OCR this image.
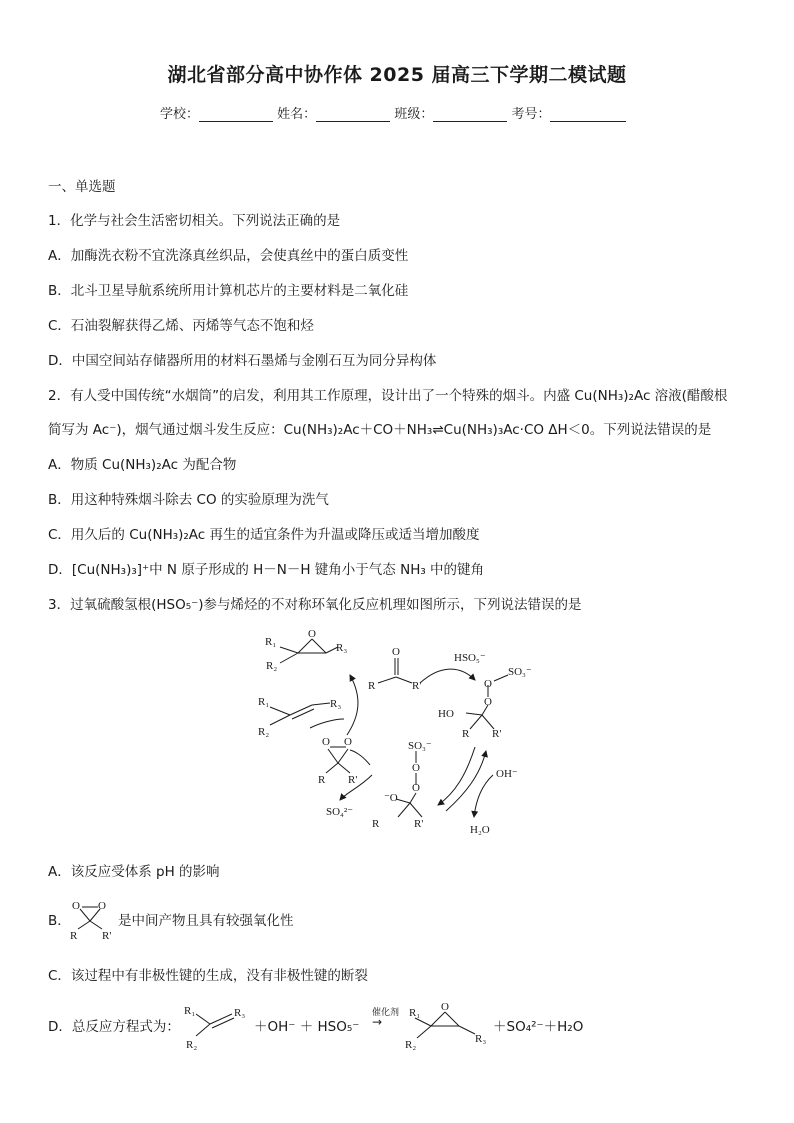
湖北省部分高中协作体 2025 届高三下学期二模试题
学校：	姓名：	班级：	考号：
一、单选题
1．化学与社会生活密切相关。下列说法正确的是
A．加酶洗衣粉不宜洗涤真丝织品，会使真丝中的蛋白质变性
B．北斗卫星导航系统所用计算机芯片的主要材料是二氧化硅
C．石油裂解获得乙烯、丙烯等气态不饱和烃
D．中国空间站存储器所用的材料石墨烯与金刚石互为同分异构体
2．有人受中国传统“水烟筒”的启发，利用其工作原理，设计出了一个特殊的烟斗。内盛 Cu(NH₃)₂Ac 溶液(醋酸根
简写为 Ac⁻)，烟气通过烟斗发生反应：Cu(NH₃)₂Ac＋CO＋NH₃⇌Cu(NH₃)₃Ac·CO ΔH＜0。下列说法错误的是
A．物质 Cu(NH₃)₂Ac 为配合物
B．用这种特殊烟斗除去 CO 的实验原理为洗气
C．用久后的 Cu(NH₃)₂Ac 再生的适宜条件为升温或降压或适当增加酸度
D．[Cu(NH₃)₃]⁺中 N 原子形成的 H－N－H 键角小于气态 NH₃ 中的键角
3．过氧硫酸氢根(HSO₅⁻)参与烯烃的不对称环氧化反应机理如图所示，下列说法错误的是
R₁
R₂
O
R₃
R₁
R₂
R₃
O
R	R'
HSO₅⁻
O
O
SO₃⁻
HO
R R'
O O
R R'
SO₃⁻
O
O
⁻O
R	R'
SO₄²⁻
OH⁻
H₂O
A．该反应受体系 pH 的影响
B．
O O
R R'
是中间产物且具有较强氧化性
C．该过程中有非极性键的生成，没有非极性键的断裂
D．总反应方程式为：
R₁
R₂
R₃
＋OH⁻ ＋ HSO₅⁻
催化剂
→
R₁ O
R₂	R₃
＋SO₄²⁻＋H₂O
